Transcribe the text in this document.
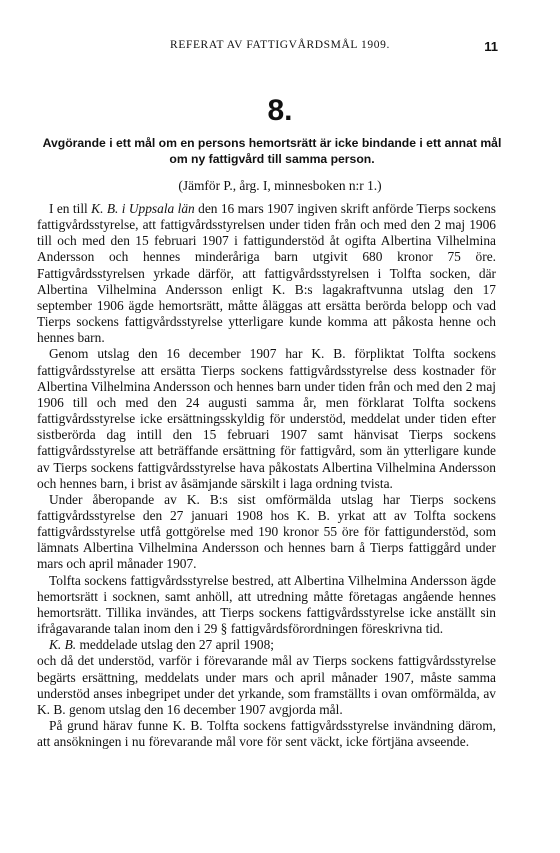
REFERAT AV FATTIGVÅRDSMÅL 1909.	11
8.
Avgörande i ett mål om en persons hemortsrätt är icke bindande i ett annat mål om ny fattigvård till samma person.
(Jämför P., årg. I, minnesboken n:r 1.)

I en till K. B. i Uppsala län den 16 mars 1907 ingiven skrift anförde Tierps sockens fattigvårdsstyrelse, att fattigvårdsstyrelsen under tiden från och med den 2 maj 1906 till och med den 15 februari 1907 i fattigunderstöd åt ogifta Albertina Vilhelmina Andersson och hennes minderåriga barn utgivit 680 kronor 75 öre. Fattigvårdsstyrelsen yrkade därför, att fattigvårdsstyrelsen i Tolfta socken, där Albertina Vilhelmina Andersson enligt K. B:s lagakraftvunna utslag den 17 september 1906 ägde hemortsrätt, måtte åläggas att ersätta berörda belopp och vad Tierps sockens fattigvårdsstyrelse ytterligare kunde komma att påkosta henne och hennes barn.

Genom utslag den 16 december 1907 har K. B. förpliktat Tolfta sockens fattigvårdsstyrelse att ersätta Tierps sockens fattigvårdsstyrelse dess kostnader för Albertina Vilhelmina Andersson och hennes barn under tiden från och med den 2 maj 1906 till och med den 24 augusti samma år, men förklarat Tolfta sockens fattigvårdsstyrelse icke ersättningsskyldig för understöd, meddelat under tiden efter sistberörda dag intill den 15 februari 1907 samt hänvisat Tierps sockens fattigvårdsstyrelse att beträffande ersättning för fattigvård, som än ytterligare kunde av Tierps sockens fattigvårdsstyrelse hava påkostats Albertina Vilhelmina Andersson och hennes barn, i brist av åsämjande särskilt i laga ordning tvista.

Under åberopande av K. B:s sist omförmälda utslag har Tierps sockens fattigvårdsstyrelse den 27 januari 1908 hos K. B. yrkat att av Tolfta sockens fattigvårdsstyrelse utfå gottgörelse med 190 kronor 55 öre för fattigunderstöd, som lämnats Albertina Vilhelmina Andersson och hennes barn å Tierps fattiggård under mars och april månader 1907.

Tolfta sockens fattigvårdsstyrelse bestred, att Albertina Vilhelmina Andersson ägde hemortsrätt i socknen, samt anhöll, att utredning måtte företagas angående hennes hemortsrätt. Tillika invändes, att Tierps sockens fattigvårdsstyrelse icke anställt sin ifrågavarande talan inom den i 29 § fattigvårdsförordningen föreskrivna tid.

K. B. meddelade utslag den 27 april 1908;

och då det understöd, varför i förevarande mål av Tierps sockens fattigvårdsstyrelse begärts ersättning, meddelats under mars och april månader 1907, måste samma understöd anses inbegripet under det yrkande, som framställts i ovan omförmälda, av K. B. genom utslag den 16 december 1907 avgjorda mål.

På grund härav funne K. B. Tolfta sockens fattigvårdsstyrelse invändning därom, att ansökningen i nu förevarande mål vore för sent väckt, icke förtjäna avseende.
